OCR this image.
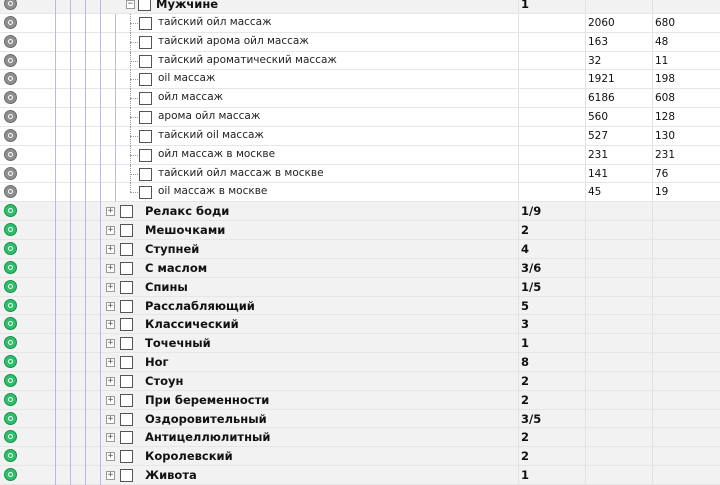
− Мужчине	1
тайский ойл массаж	2060	680
тайский арома ойл массаж	163	48
тайский ароматический массаж	32	11
oil массаж	1921	198
ойл массаж	6186	608
арома ойл массаж	560	128
тайский oil массаж	527	130
ойл массаж в москве	231	231
тайский ойл массаж в москве	141	76
oil массаж в москве	45	19
+	Релакс боди	1/9
+	Мешочками	2
+	Ступней	4
+	С маслом	3/6
+	Спины	1/5
+	Расслабляющий	5
+	Классический	3
+	Точечный	1
+	Ног	8
+	Стоун	2
+	При беременности	2
+	Оздоровительный	3/5
+	Антицеллюлитный	2
+	Королевский	2
+	Живота	1
